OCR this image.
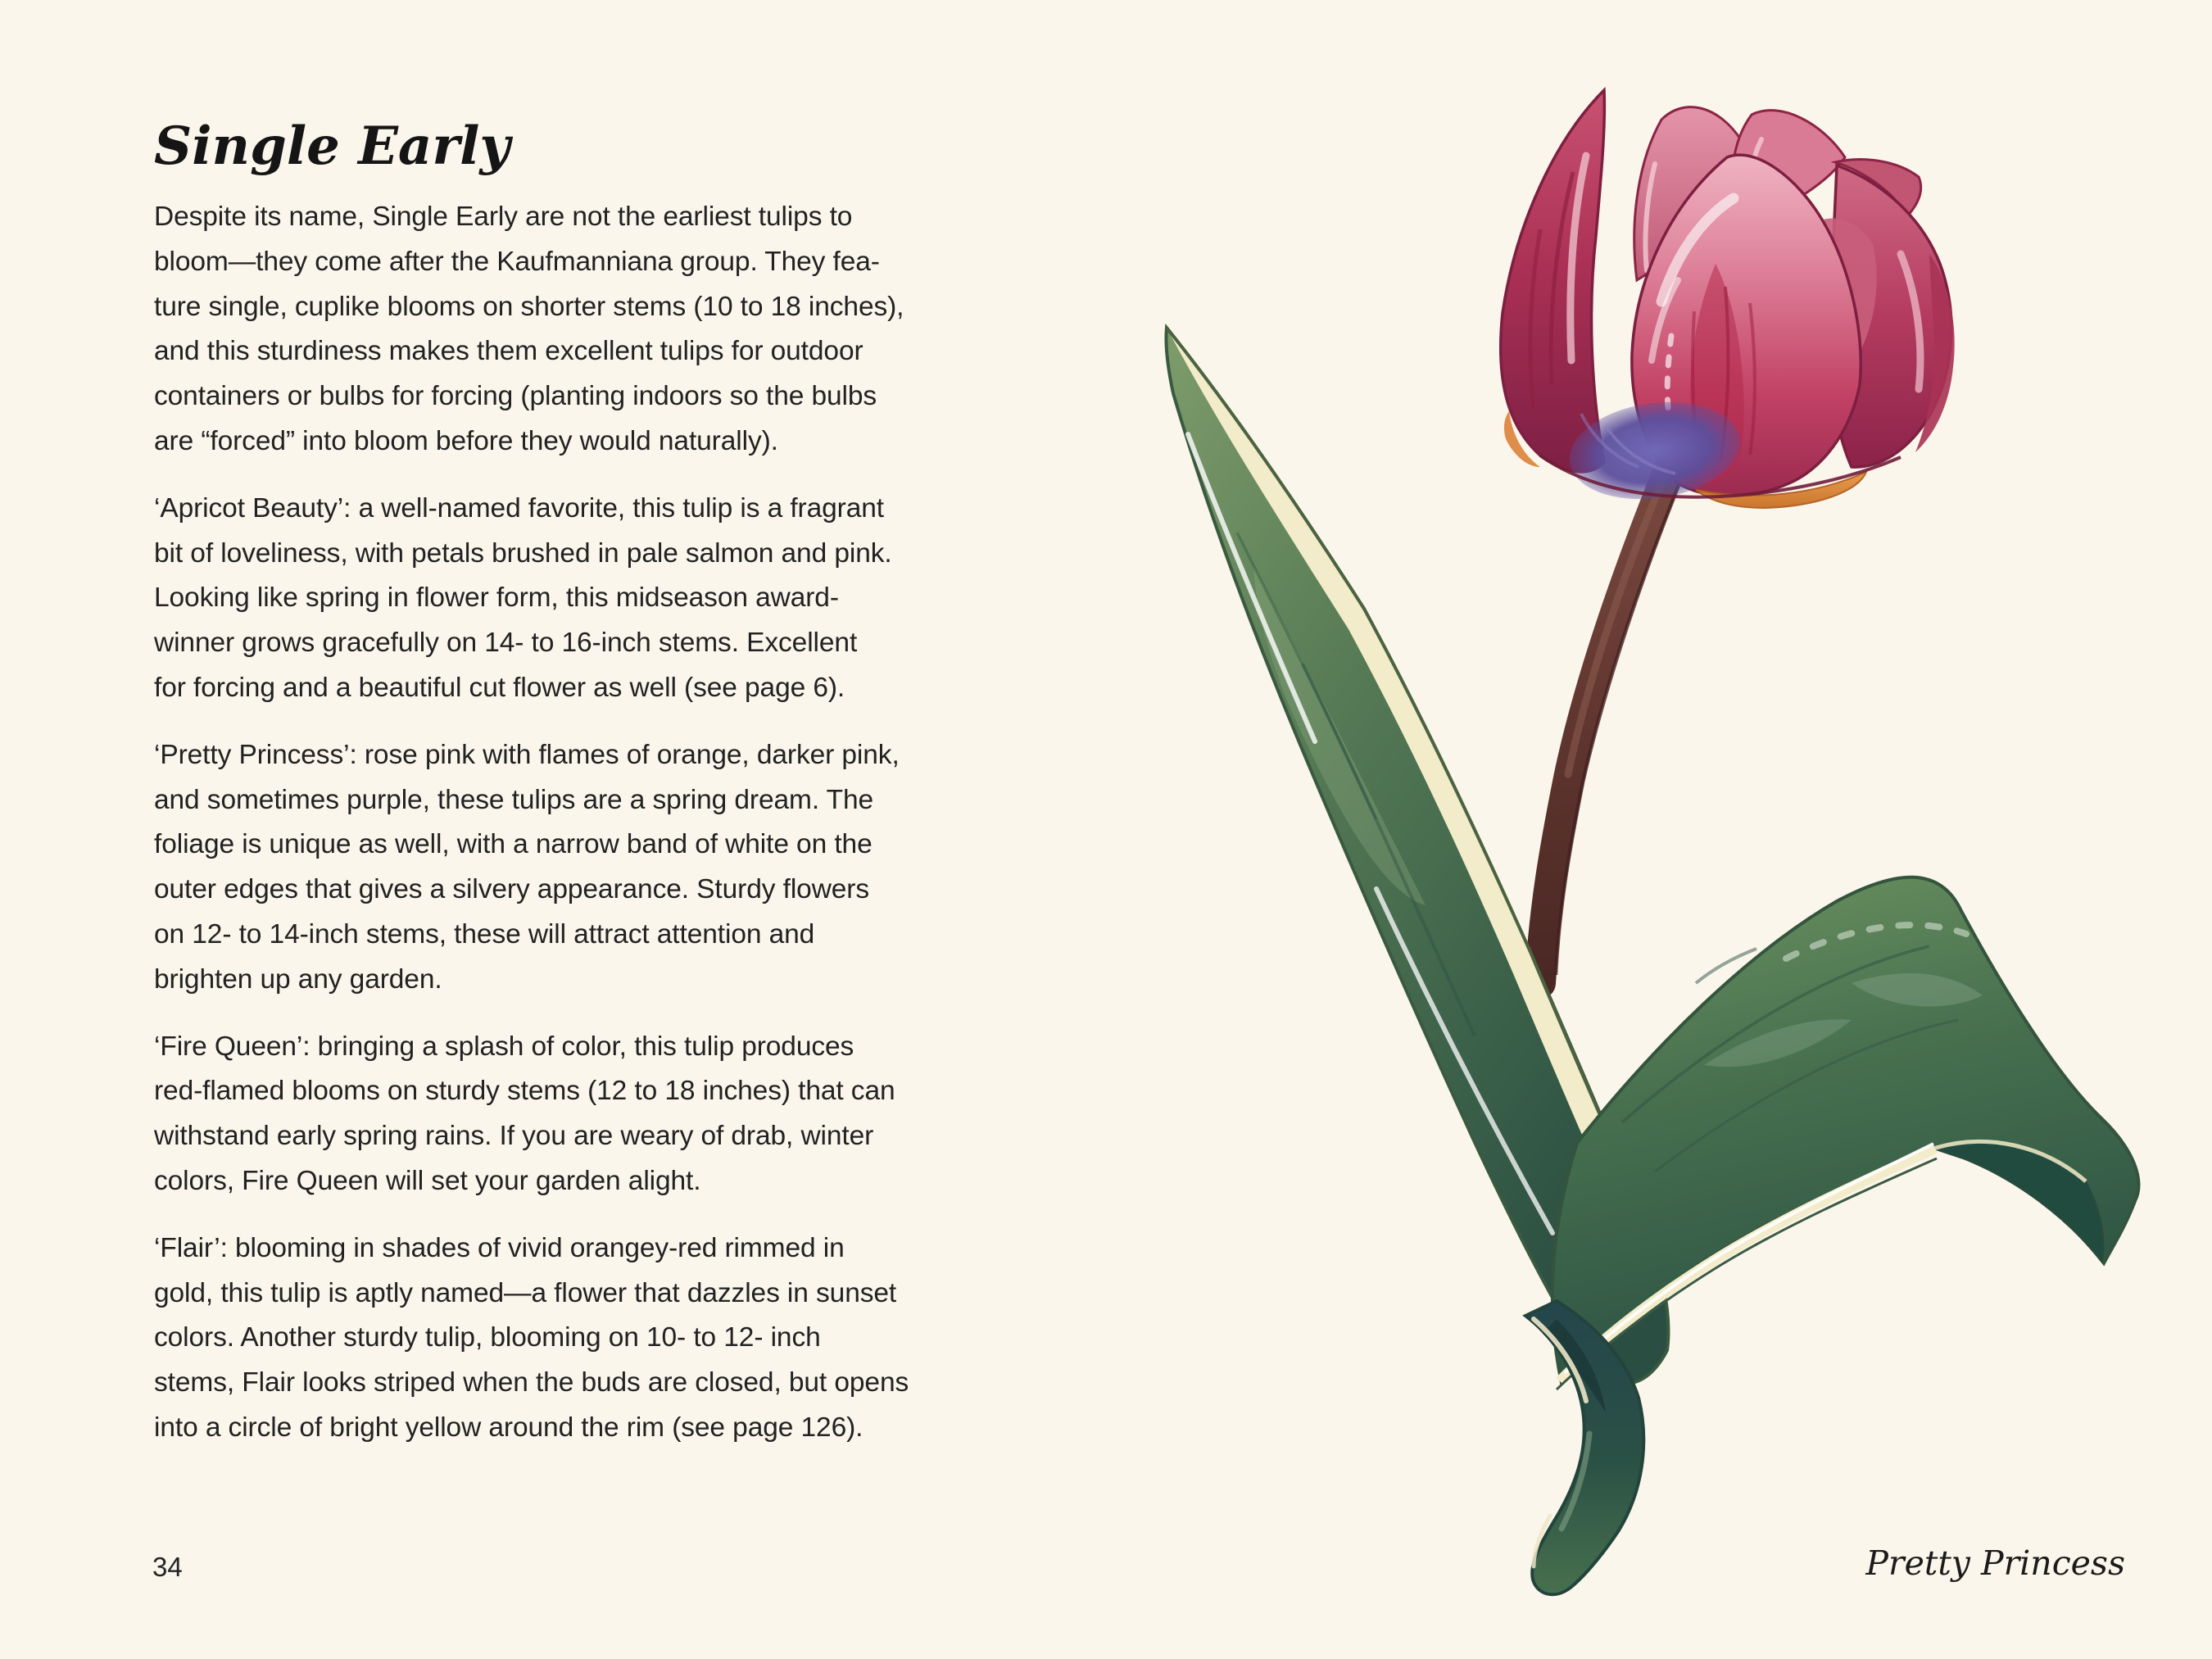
Single Early
Despite its name, Single Early are not the earliest tulips to
bloom—they come after the Kaufmanniana group. They fea-
ture single, cuplike blooms on shorter stems (10 to 18 inches),
and this sturdiness makes them excellent tulips for outdoor
containers or bulbs for forcing (planting indoors so the bulbs
are “forced” into bloom before they would naturally).
‘Apricot Beauty’: a well-named favorite, this tulip is a fragrant
bit of loveliness, with petals brushed in pale salmon and pink.
Looking like spring in flower form, this midseason award-
winner grows gracefully on 14- to 16-inch stems. Excellent
for forcing and a beautiful cut flower as well (see page 6).
‘Pretty Princess’: rose pink with flames of orange, darker pink,
and sometimes purple, these tulips are a spring dream. The
foliage is unique as well, with a narrow band of white on the
outer edges that gives a silvery appearance. Sturdy flowers
on 12- to 14-inch stems, these will attract attention and
brighten up any garden.
‘Fire Queen’: bringing a splash of color, this tulip produces
red-flamed blooms on sturdy stems (12 to 18 inches) that can
withstand early spring rains. If you are weary of drab, winter
colors, Fire Queen will set your garden alight.
‘Flair’: blooming in shades of vivid orangey-red rimmed in
gold, this tulip is aptly named—a flower that dazzles in sunset
colors. Another sturdy tulip, blooming on 10- to 12- inch
stems, Flair looks striped when the buds are closed, but opens
into a circle of bright yellow around the rim (see page 126).
34	Pretty Princess
